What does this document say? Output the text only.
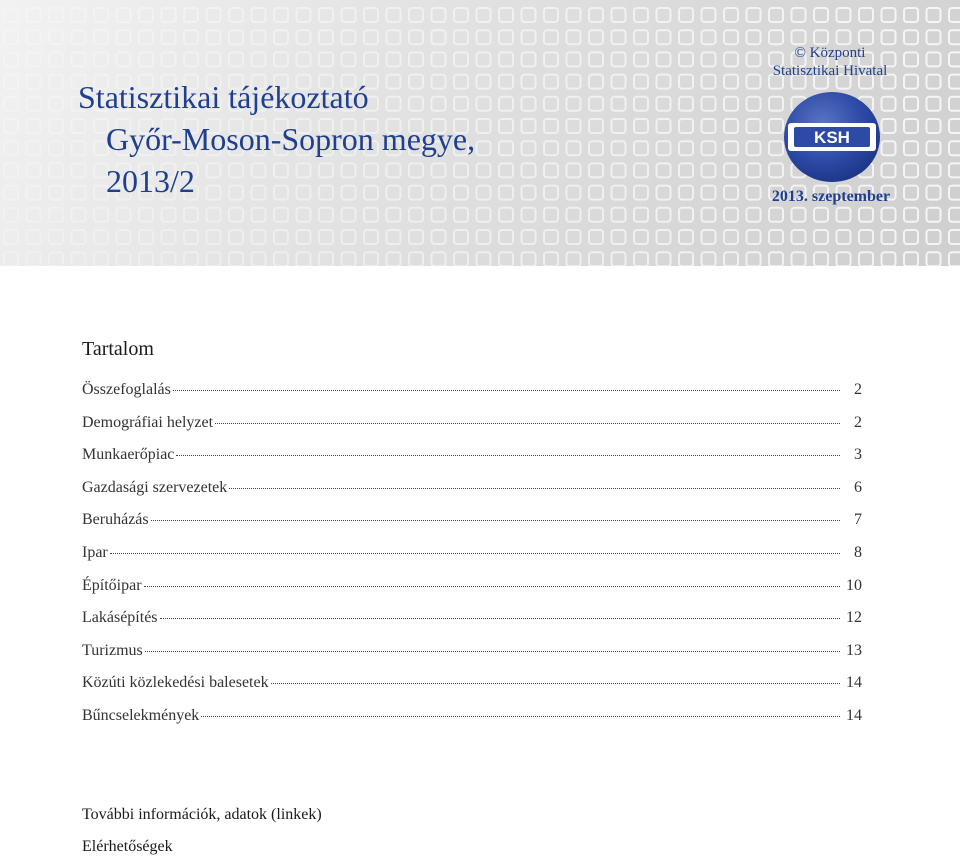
Statisztikai tájékoztató
Győr-Moson-Sopron megye,
2013/2
© Központi
Statisztikai Hivatal
KSH
2013. szeptember
Tartalom
Összefoglalás	2
Demográfiai helyzet	2
Munkaerőpiac	3
Gazdasági szervezetek	6
Beruházás	7
Ipar	8
Építőipar	10
Lakásépítés	12
Turizmus	13
Közúti közlekedési balesetek	14
Bűncselekmények	14
További információk, adatok (linkek)
Elérhetőségek
